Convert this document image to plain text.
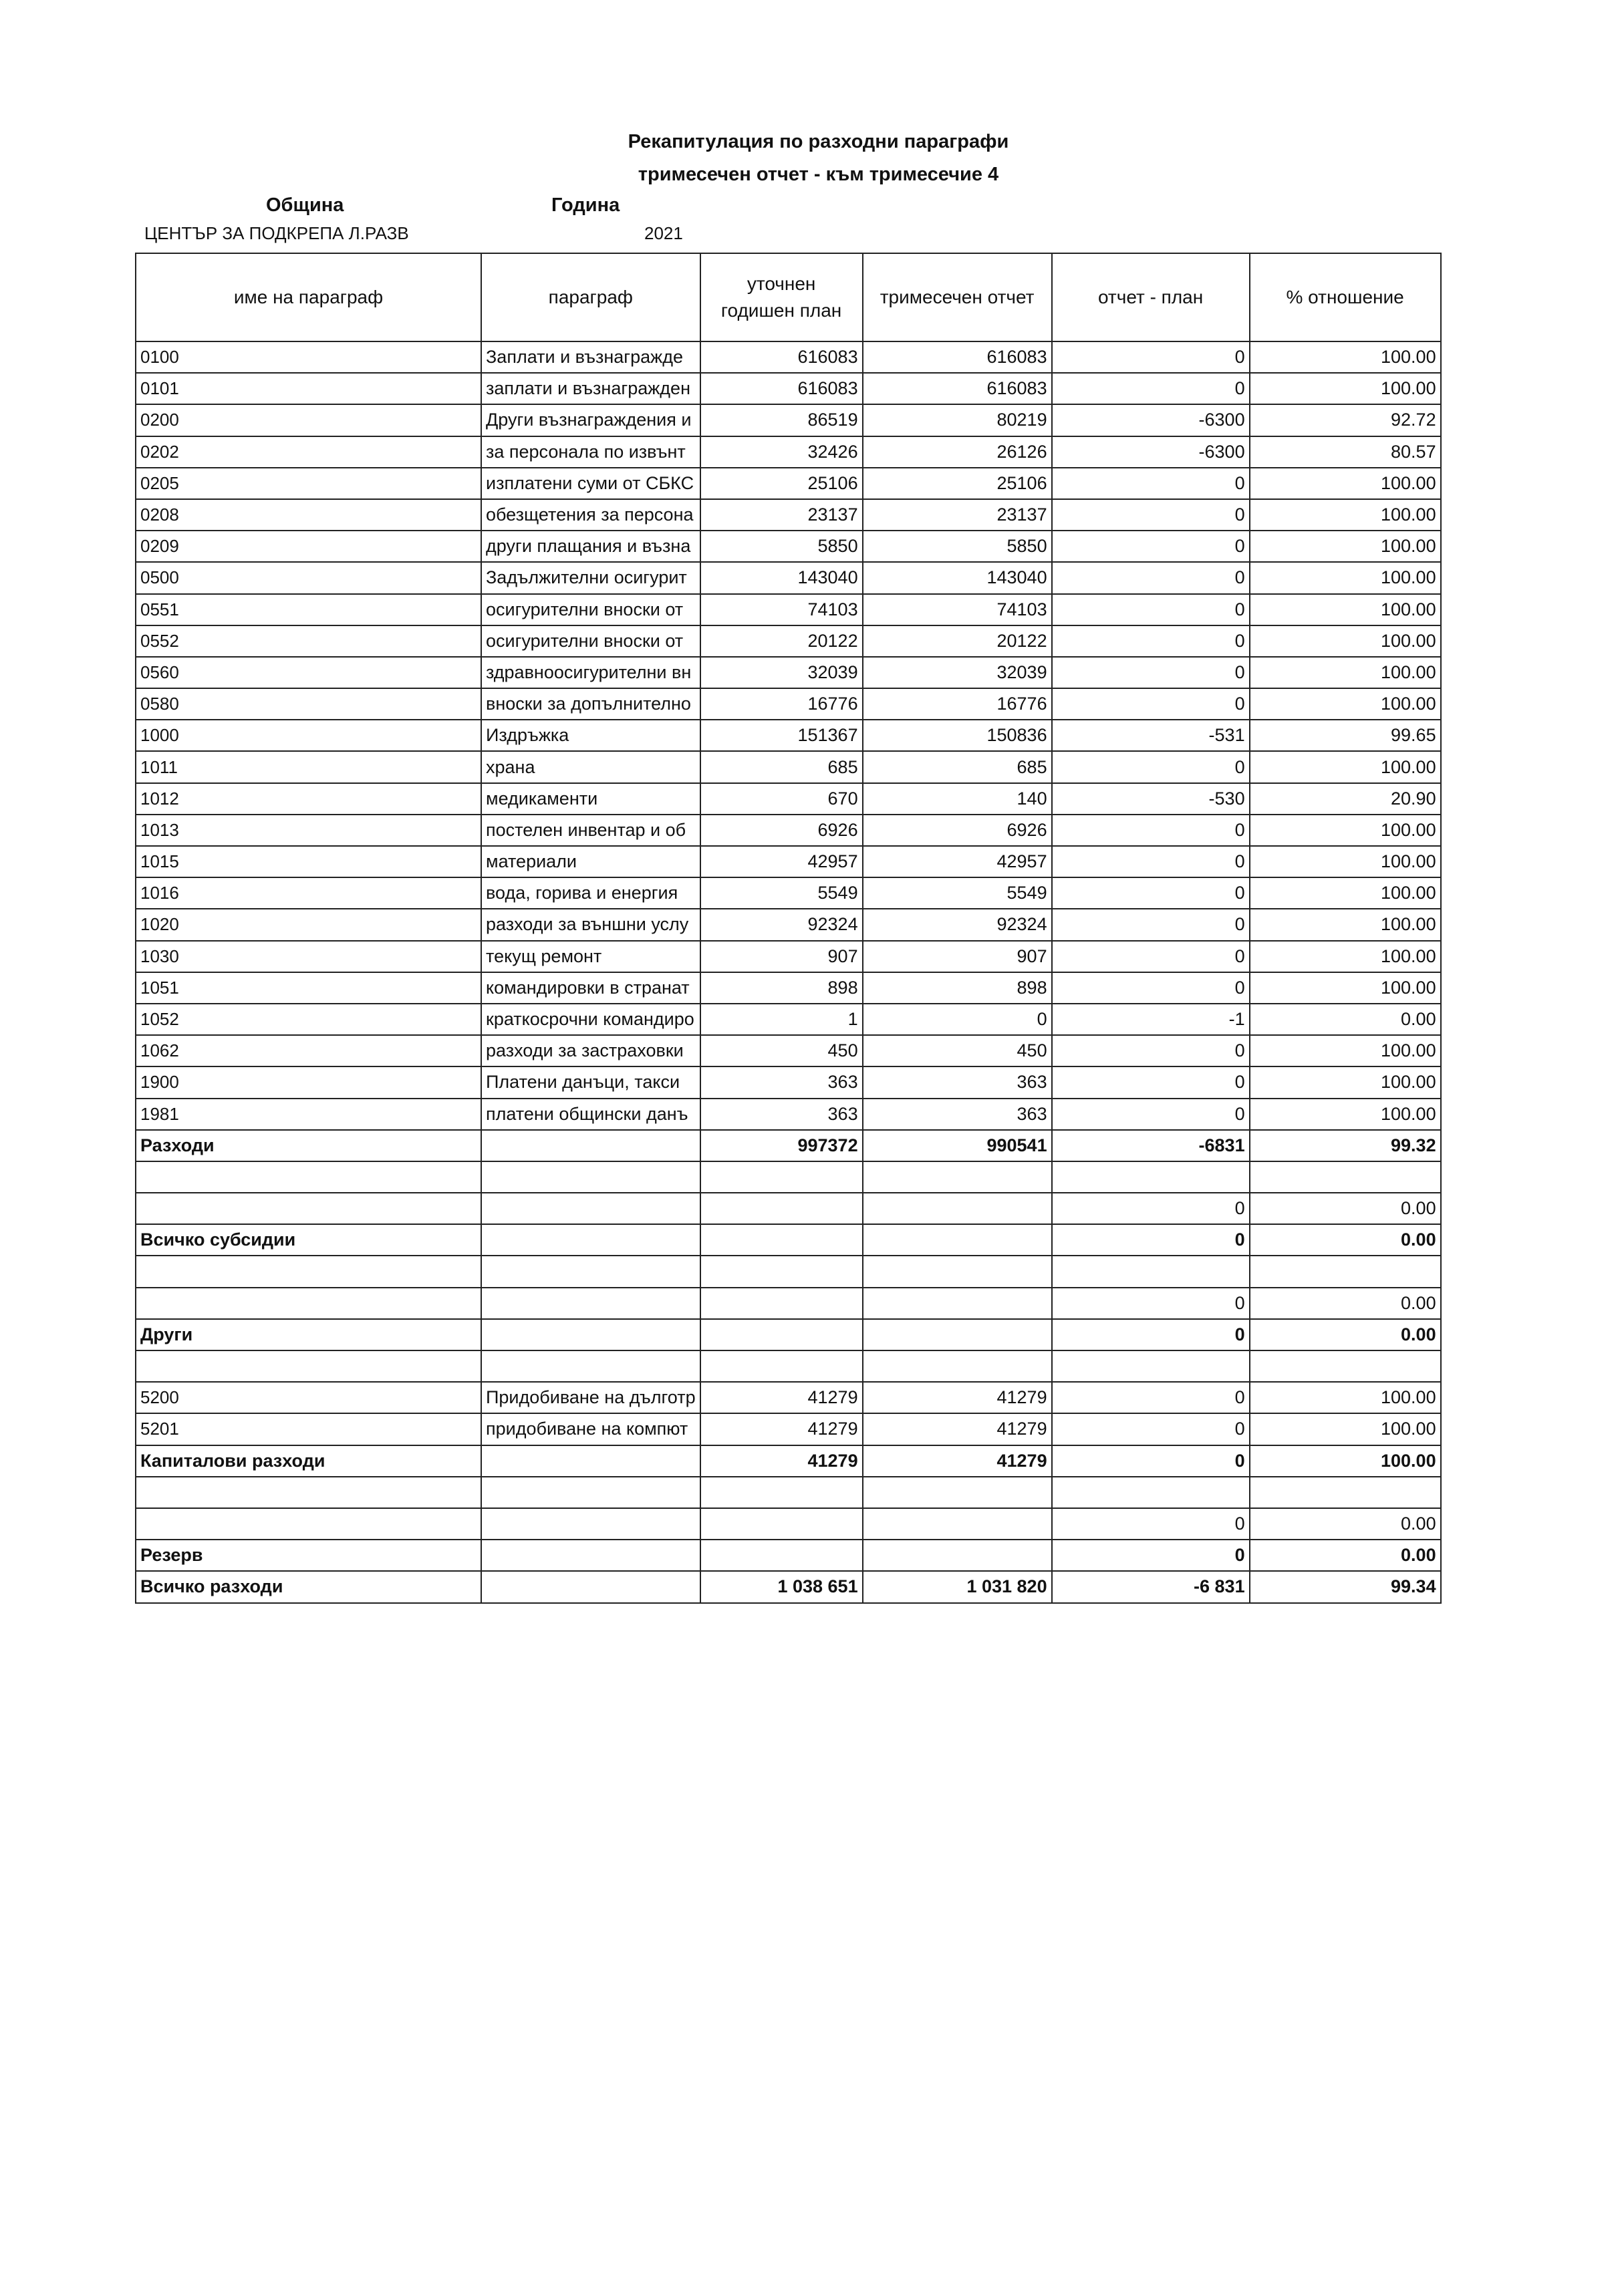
Рекапитулация по разходни параграфи
тримесечен отчет - към тримесечие 4
Община	Година
ЦЕНТЪР ЗА ПОДКРЕПА Л.РАЗВ	2021
име на параграф	параграф	уточнен годишен план	тримесечен отчет	отчет - план	% отношение
0100	Заплати и възнагражде	616083	616083	0	100.00
0101	заплати и възнагражден	616083	616083	0	100.00
0200	Други възнаграждения и	86519	80219	-6300	92.72
0202	за персонала по извънт	32426	26126	-6300	80.57
0205	изплатени суми от СБКС	25106	25106	0	100.00
0208	обезщетения за персона	23137	23137	0	100.00
0209	други плащания и възна	5850	5850	0	100.00
0500	Задължителни осигурит	143040	143040	0	100.00
0551	осигурителни вноски от	74103	74103	0	100.00
0552	осигурителни вноски от	20122	20122	0	100.00
0560	здравноосигурителни вн	32039	32039	0	100.00
0580	вноски за допълнително	16776	16776	0	100.00
1000	Издръжка	151367	150836	-531	99.65
1011	храна	685	685	0	100.00
1012	медикаменти	670	140	-530	20.90
1013	постелен инвентар и об	6926	6926	0	100.00
1015	материали	42957	42957	0	100.00
1016	вода, горива и енергия	5549	5549	0	100.00
1020	разходи за външни услу	92324	92324	0	100.00
1030	текущ ремонт	907	907	0	100.00
1051	командировки в странат	898	898	0	100.00
1052	краткосрочни командиро	1	0	-1	0.00
1062	разходи за застраховки	450	450	0	100.00
1900	Платени данъци, такси	363	363	0	100.00
1981	платени общински данъ	363	363	0	100.00
Разходи		997372	990541	-6831	99.32

				0	0.00
Всичко субсидии				0	0.00

				0	0.00
Други				0	0.00

5200	Придобиване на дълготр	41279	41279	0	100.00
5201	придобиване на компют	41279	41279	0	100.00
Капиталови разходи		41279	41279	0	100.00

				0	0.00
Резерв				0	0.00
Всичко разходи		1 038 651	1 031 820	-6 831	99.34
